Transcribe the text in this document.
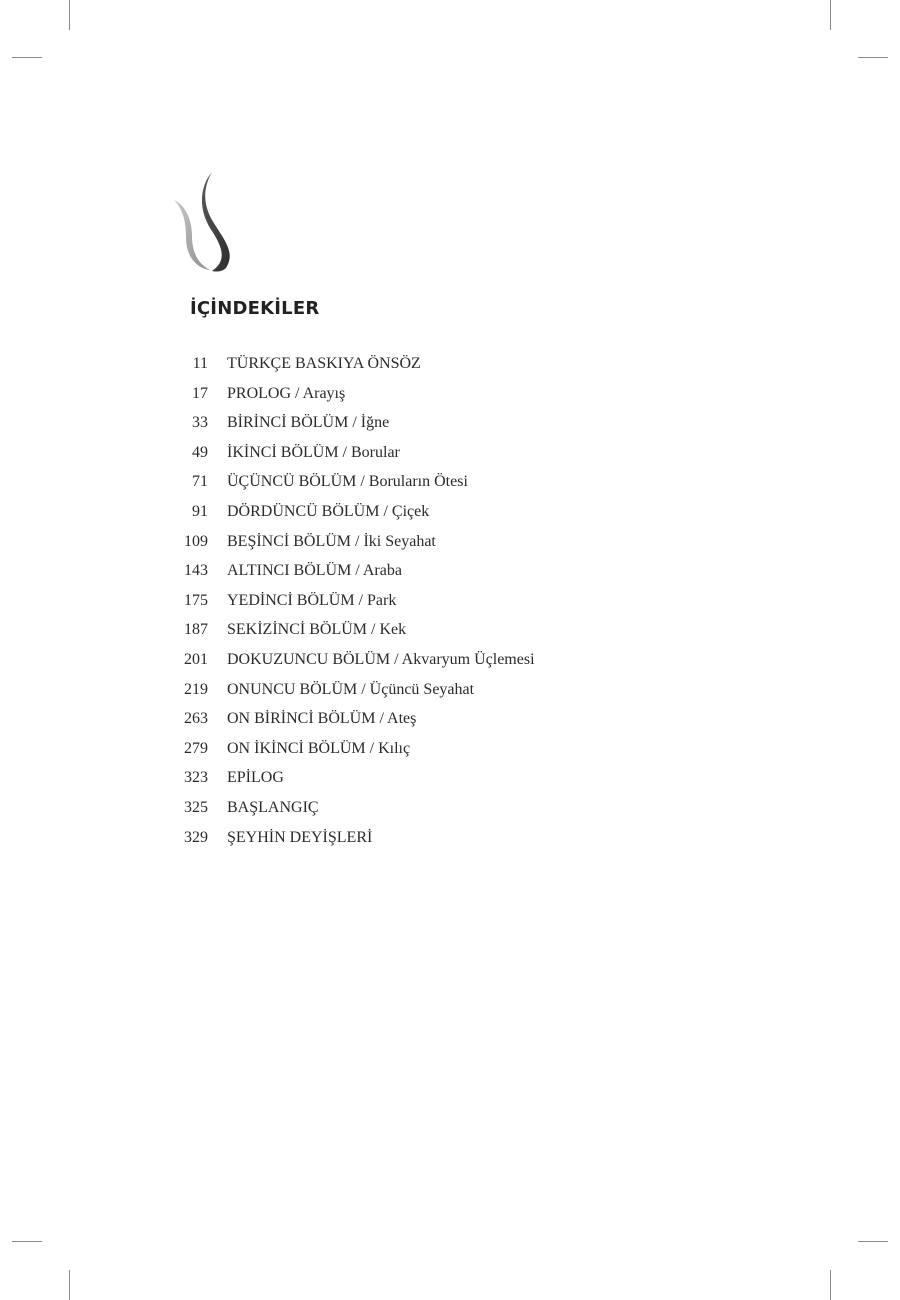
İÇİNDEKİLER
11 TÜRKÇE BASKIYA ÖNSÖZ
17 PROLOG / Arayış
33 BİRİNCİ BÖLÜM / İğne
49 İKİNCİ BÖLÜM / Borular
71 ÜÇÜNCÜ BÖLÜM / Boruların Ötesi
91 DÖRDÜNCÜ BÖLÜM / Çiçek
109 BEŞİNCİ BÖLÜM / İki Seyahat
143 ALTINCI BÖLÜM / Araba
175 YEDİNCİ BÖLÜM / Park
187 SEKİZİNCİ BÖLÜM / Kek
201 DOKUZUNCU BÖLÜM / Akvaryum Üçlemesi
219 ONUNCU BÖLÜM / Üçüncü Seyahat
263 ON BİRİNCİ BÖLÜM / Ateş
279 ON İKİNCİ BÖLÜM / Kılıç
323 EPİLOG
325 BAŞLANGIÇ
329 ŞEYHİN DEYİŞLERİ
